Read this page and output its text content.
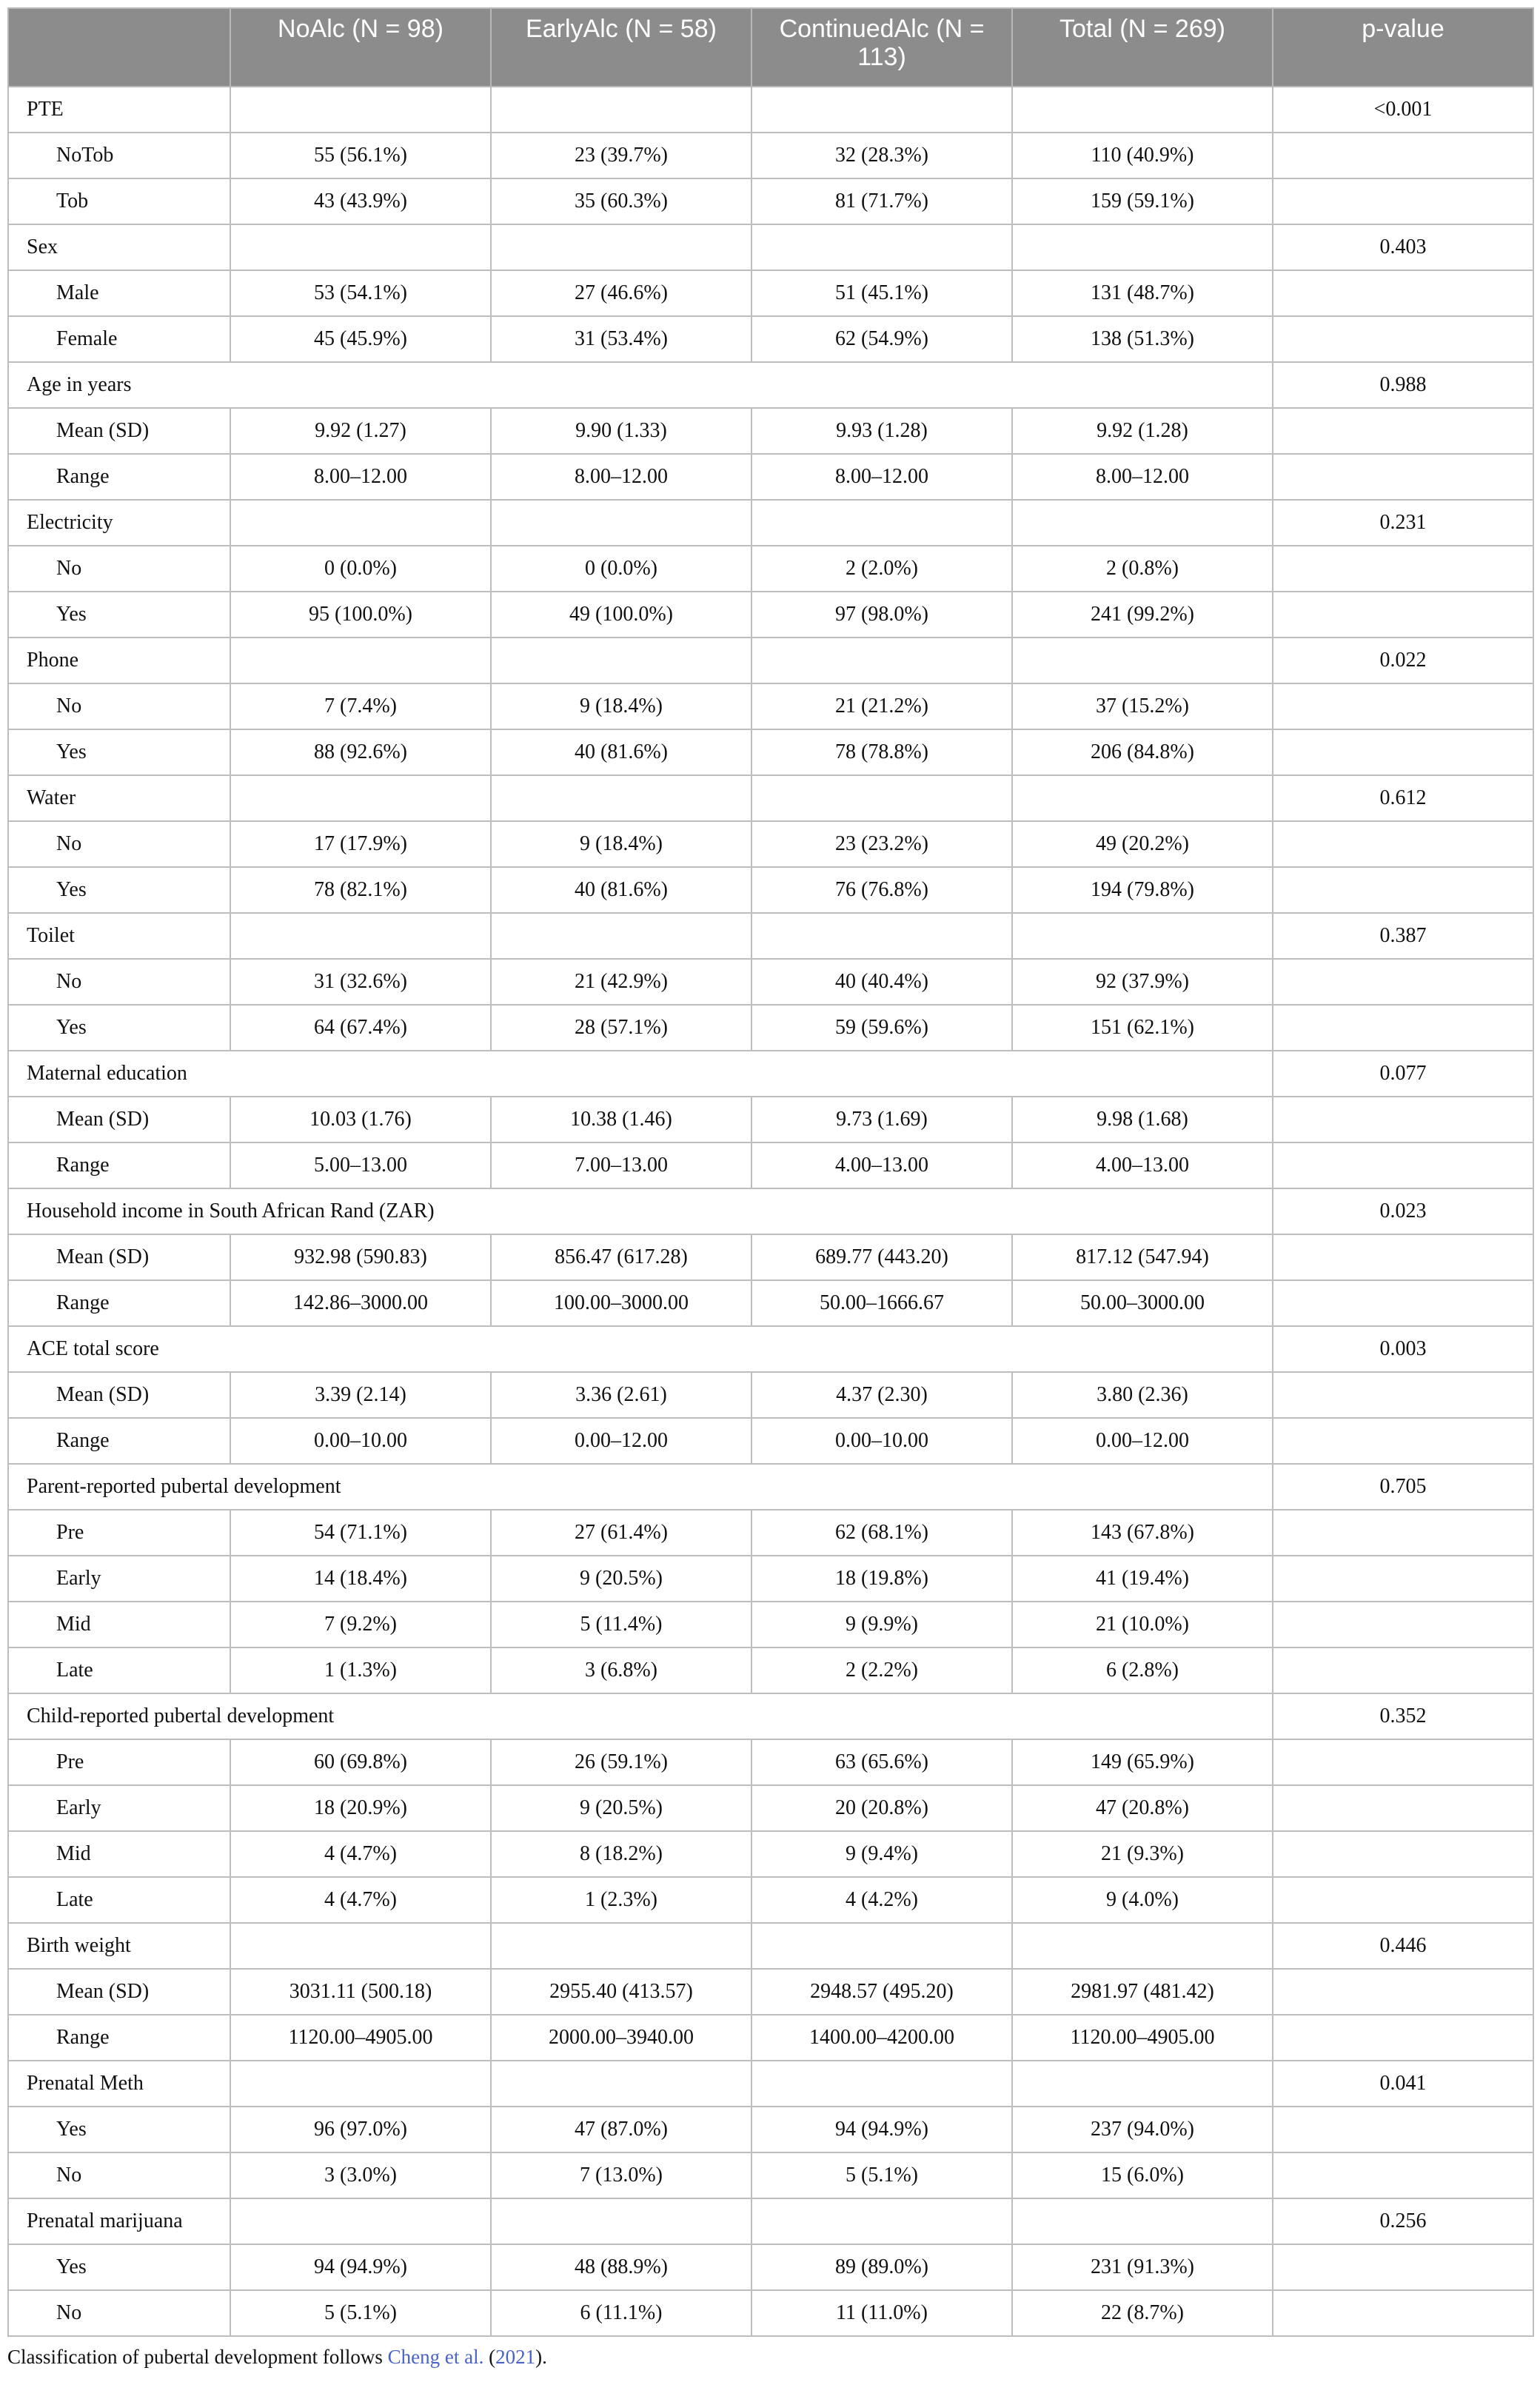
	NoAlc (N = 98)	EarlyAlc (N = 58)	ContinuedAlc (N = 113)	Total (N = 269)	p-value
PTE					<0.001
NoTob	55 (56.1%)	23 (39.7%)	32 (28.3%)	110 (40.9%)	
Tob	43 (43.9%)	35 (60.3%)	81 (71.7%)	159 (59.1%)	
Sex					0.403
Male	53 (54.1%)	27 (46.6%)	51 (45.1%)	131 (48.7%)	
Female	45 (45.9%)	31 (53.4%)	62 (54.9%)	138 (51.3%)	
Age in years					0.988
Mean (SD)	9.92 (1.27)	9.90 (1.33)	9.93 (1.28)	9.92 (1.28)	
Range	8.00–12.00	8.00–12.00	8.00–12.00	8.00–12.00	
Electricity					0.231
No	0 (0.0%)	0 (0.0%)	2 (2.0%)	2 (0.8%)	
Yes	95 (100.0%)	49 (100.0%)	97 (98.0%)	241 (99.2%)	
Phone					0.022
No	7 (7.4%)	9 (18.4%)	21 (21.2%)	37 (15.2%)	
Yes	88 (92.6%)	40 (81.6%)	78 (78.8%)	206 (84.8%)	
Water					0.612
No	17 (17.9%)	9 (18.4%)	23 (23.2%)	49 (20.2%)	
Yes	78 (82.1%)	40 (81.6%)	76 (76.8%)	194 (79.8%)	
Toilet					0.387
No	31 (32.6%)	21 (42.9%)	40 (40.4%)	92 (37.9%)	
Yes	64 (67.4%)	28 (57.1%)	59 (59.6%)	151 (62.1%)	
Maternal education					0.077
Mean (SD)	10.03 (1.76)	10.38 (1.46)	9.73 (1.69)	9.98 (1.68)	
Range	5.00–13.00	7.00–13.00	4.00–13.00	4.00–13.00	
Household income in South African Rand (ZAR)					0.023
Mean (SD)	932.98 (590.83)	856.47 (617.28)	689.77 (443.20)	817.12 (547.94)	
Range	142.86–3000.00	100.00–3000.00	50.00–1666.67	50.00–3000.00	
ACE total score					0.003
Mean (SD)	3.39 (2.14)	3.36 (2.61)	4.37 (2.30)	3.80 (2.36)	
Range	0.00–10.00	0.00–12.00	0.00–10.00	0.00–12.00	
Parent-reported pubertal development					0.705
Pre	54 (71.1%)	27 (61.4%)	62 (68.1%)	143 (67.8%)	
Early	14 (18.4%)	9 (20.5%)	18 (19.8%)	41 (19.4%)	
Mid	7 (9.2%)	5 (11.4%)	9 (9.9%)	21 (10.0%)	
Late	1 (1.3%)	3 (6.8%)	2 (2.2%)	6 (2.8%)	
Child-reported pubertal development					0.352
Pre	60 (69.8%)	26 (59.1%)	63 (65.6%)	149 (65.9%)	
Early	18 (20.9%)	9 (20.5%)	20 (20.8%)	47 (20.8%)	
Mid	4 (4.7%)	8 (18.2%)	9 (9.4%)	21 (9.3%)	
Late	4 (4.7%)	1 (2.3%)	4 (4.2%)	9 (4.0%)	
Birth weight					0.446
Mean (SD)	3031.11 (500.18)	2955.40 (413.57)	2948.57 (495.20)	2981.97 (481.42)	
Range	1120.00–4905.00	2000.00–3940.00	1400.00–4200.00	1120.00–4905.00	
Prenatal Meth					0.041
Yes	96 (97.0%)	47 (87.0%)	94 (94.9%)	237 (94.0%)	
No	3 (3.0%)	7 (13.0%)	5 (5.1%)	15 (6.0%)	
Prenatal marijuana					0.256
Yes	94 (94.9%)	48 (88.9%)	89 (89.0%)	231 (91.3%)	
No	5 (5.1%)	6 (11.1%)	11 (11.0%)	22 (8.7%)	
Classification of pubertal development follows Cheng et al. (2021).
